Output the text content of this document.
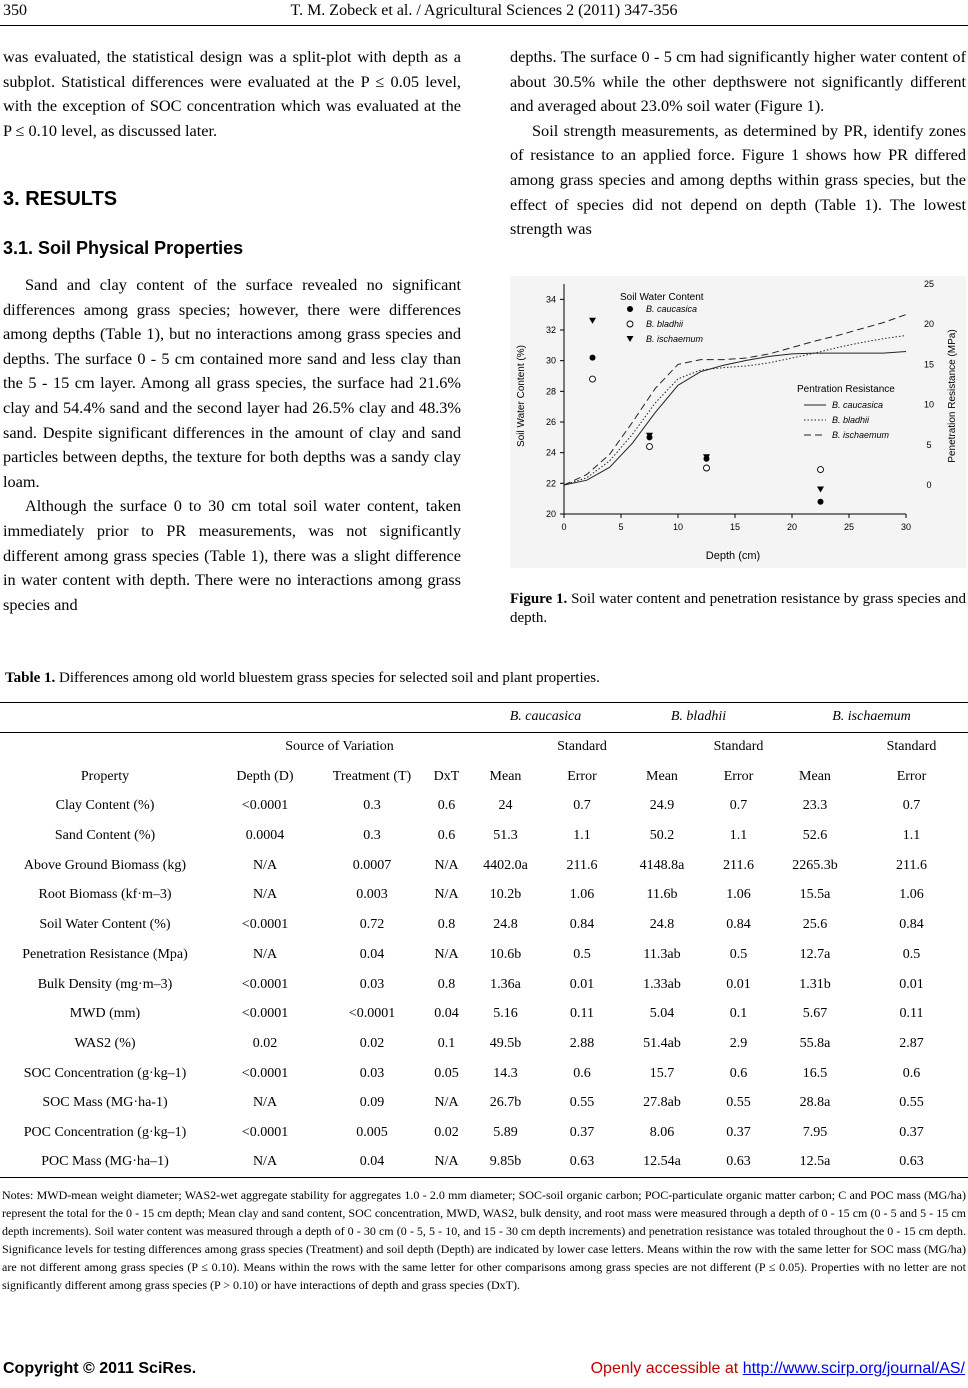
350	T. M. Zobeck et al. / Agricultural Sciences 2 (2011) 347-356

was evaluated, the statistical design was a split-plot with depth as a subplot. Statistical differences were evaluated at the P ≤ 0.05 level, with the exception of SOC concentration which was evaluated at the P ≤ 0.10 level, as discussed later.

3. RESULTS
3.1. Soil Physical Properties

Sand and clay content of the surface revealed no significant differences among grass species; however, there were differences among depths (Table 1), but no interactions among grass species and depths. The surface 0 - 5 cm contained more sand and less clay than the 5 - 15 cm layer. Among all grass species, the surface had 21.6% clay and 54.4% sand and the second layer had 26.5% clay and 48.3% sand. Despite significant differences in the amount of clay and sand particles between depths, the texture for both depths was a sandy clay loam.

Although the surface 0 to 30 cm total soil water content, taken immediately prior to PR measurements, was not significantly different among grass species (Table 1), there was a slight difference in water content with depth. There were no interactions among grass species and

depths. The surface 0 - 5 cm had significantly higher water content of about 30.5% while the other depthswere not significantly different and averaged about 23.0% soil water (Figure 1).

Soil strength measurements, as determined by PR, identify zones of resistance to an applied force. Figure 1 shows how PR differed among grass species and among depths within grass species, but the effect of species did not depend on depth (Table 1). The lowest strength was

0	5	10	15	20	25	30
20
22
24
26
28
30
32
34
0
5
10
15
20
25
Soil Water Content
B. caucasica
B. bladhii
B. ischaemum
Pentration Resistance
B. caucasica
B. bladhii
B. ischaemum
Depth (cm)
Soil Water Content (%)	Penetration Resistance (MPa)
Figure 1. Soil water content and penetration resistance by grass species and depth.
Table 1. Differences among old world bluestem grass species for selected soil and plant properties.
				B. caucasica		B. bladhii		B. ischaemum	
	Source of Variation				Standard		Standard		Standard
Property	Depth (D)	Treatment (T)	DxT	Mean	Error	Mean	Error	Mean	Error
Clay Content (%)	<0.0001	0.3	0.6	24	0.7	24.9	0.7	23.3	0.7
Sand Content (%)	0.0004	0.3	0.6	51.3	1.1	50.2	1.1	52.6	1.1
Above Ground Biomass (kg)	N/A	0.0007	N/A	4402.0a	211.6	4148.8a	211.6	2265.3b	211.6
Root Biomass (kf·m–3)	N/A	0.003	N/A	10.2b	1.06	11.6b	1.06	15.5a	1.06
Soil Water Content (%)	<0.0001	0.72	0.8	24.8	0.84	24.8	0.84	25.6	0.84
Penetration Resistance (Mpa)	N/A	0.04	N/A	10.6b	0.5	11.3ab	0.5	12.7a	0.5
Bulk Density (mg·m–3)	<0.0001	0.03	0.8	1.36a	0.01	1.33ab	0.01	1.31b	0.01
MWD (mm)	<0.0001	<0.0001	0.04	5.16	0.11	5.04	0.1	5.67	0.11
WAS2 (%)	0.02	0.02	0.1	49.5b	2.88	51.4ab	2.9	55.8a	2.87
SOC Concentration (g·kg–1)	<0.0001	0.03	0.05	14.3	0.6	15.7	0.6	16.5	0.6
SOC Mass (MG·ha-1)	N/A	0.09	N/A	26.7b	0.55	27.8ab	0.55	28.8a	0.55
POC Concentration (g·kg–1)	<0.0001	0.005	0.02	5.89	0.37	8.06	0.37	7.95	0.37
POC Mass (MG·ha–1)	N/A	0.04	N/A	9.85b	0.63	12.54a	0.63	12.5a	0.63
Notes: MWD-mean weight diameter; WAS2-wet aggregate stability for aggregates 1.0 - 2.0 mm diameter; SOC-soil organic carbon; POC-particulate organic matter carbon; C and POC mass (MG/ha) represent the total for the 0 - 15 cm depth; Mean clay and sand content, SOC concentration, MWD, WAS2, bulk density, and root mass were measured through a depth of 0 - 15 cm (0 - 5 and 5 - 15 cm depth increments). Soil water content was measured through a depth of 0 - 30 cm (0 - 5, 5 - 10, and 15 - 30 cm depth increments) and penetration resistance was totaled throughout the 0 - 15 cm depth. Significance levels for testing differences among grass species (Treatment) and soil depth (Depth) are indicated by lower case letters. Means within the row with the same letter for SOC mass (MG/ha) are not different among grass species (P ≤ 0.10). Means within the rows with the same letter for other comparisons among grass species are not different (P ≤ 0.05). Properties with no letter are not significantly different among grass species (P > 0.10) or have interactions of depth and grass species (DxT).
Copyright © 2011 SciRes.	Openly accessible at http://www.scirp.org/journal/AS/
